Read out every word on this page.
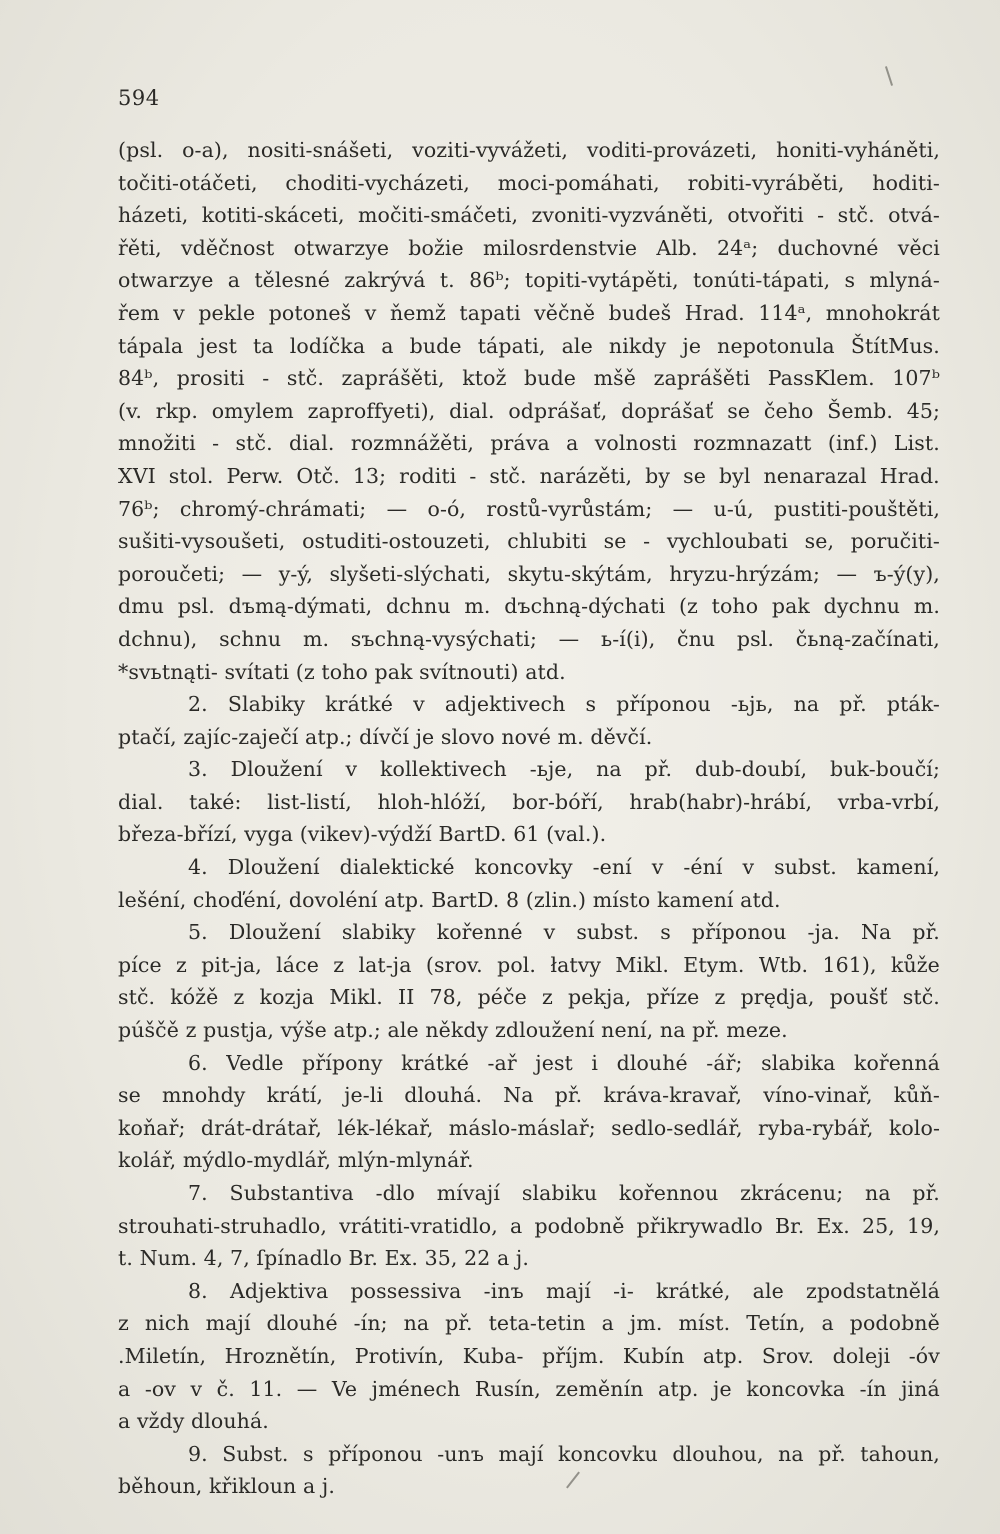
594
(psl. o-a), nositi-snášeti, voziti-vyvážeti, voditi-provázeti, honiti-vyháněti,
točiti-otáčeti, choditi-vycházeti, moci-pomáhati, robiti-vyráběti, hoditi-
házeti, kotiti-skáceti, močiti-smáčeti, zvoniti-vyzváněti, otvořiti - stč. otvá-
řěti, vděčnost otwarzye božie milosrdenstvie Alb. 24ᵃ; duchovné věci
otwarzye a tělesné zakrývá t. 86ᵇ; topiti-vytápěti, tonúti-tápati, s mlyná-
řem v pekle potoneš v ňemž tapati věčně budeš Hrad. 114ᵃ, mnohokrát
tápala jest ta lodíčka a bude tápati, ale nikdy je nepotonula ŠtítMus.
84ᵇ, prositi - stč. zaprášěti, ktož bude mšě zaprášěti PassKlem. 107ᵇ
(v. rkp. omylem zaproffyeti), dial. odprášať, doprášať se čeho Šemb. 45;
množiti - stč. dial. rozmnážěti, práva a volnosti rozmnazatt (inf.) List.
XVI stol. Perw. Otč. 13; roditi - stč. narázěti, by se byl nenarazal Hrad.
76ᵇ; chromý-chrámati; — o-ó, rostů-vyrůstám; — u-ú, pustiti-pouštěti,
sušiti-vysoušeti, ostuditi-ostouzeti, chlubiti se - vychloubati se, poručiti-
poroučeti; — y-ý, slyšeti-slýchati, skytu-skýtám, hryzu-hrýzám; — ъ-ý(y),
dmu psl. dъmą-dýmati, dchnu m. dъchną-dýchati (z toho pak dychnu m.
dchnu), schnu m. sъchną-vysýchati; — ь-í(i), čnu psl. čьną-začínati,
*svьtnąti- svítati (z toho pak svítnouti) atd.
2. Slabiky krátké v adjektivech s příponou -ьjь, na př. pták-
ptačí, zajíc-zaječí atp.; dívčí je slovo nové m. děvčí.
3. Dloužení v kollektivech -ьje, na př. dub-doubí, buk-boučí;
dial. také: list-listí, hloh-hlóží, bor-bóří, hrab(habr)-hrábí, vrba-vrbí,
březa-břízí, vyga (vikev)-výdží BartD. 61 (val.).
4. Dloužení dialektické koncovky -ení v -éní v subst. kamení,
lešéní, choďéní, dovoléní atp. BartD. 8 (zlin.) místo kamení atd.
5. Dloužení slabiky kořenné v subst. s příponou -ja. Na př.
píce z pit-ja, láce z lat-ja (srov. pol. łatvy Mikl. Etym. Wtb. 161), kůže
stč. kóžě z kozja Mikl. II 78, péče z pekja, příze z prędja, poušť stč.
púščě z pustja, výše atp.; ale někdy zdloužení není, na př. meze.
6. Vedle přípony krátké -ař jest i dlouhé -ář; slabika kořenná
se mnohdy krátí, je-li dlouhá. Na př. kráva-kravař, víno-vinař, kůň-
koňař; drát-drátař, lék-lékař, máslo-máslař; sedlo-sedlář, ryba-rybář, kolo-
kolář, mýdlo-mydlář, mlýn-mlynář.
7. Substantiva -dlo mívají slabiku kořennou zkrácenu; na př.
strouhati-struhadlo, vrátiti-vratidlo, a podobně přikrywadlo Br. Ex. 25, 19,
t. Num. 4, 7, ſpínadlo Br. Ex. 35, 22 a j.
8. Adjektiva possessiva -inъ mají -i- krátké, ale zpodstatnělá
z nich mají dlouhé -ín; na př. teta-tetin a jm. míst. Tetín, a podobně
.Miletín, Hroznětín, Protivín, Kuba- příjm. Kubín atp. Srov. doleji -óv
a -ov v č. 11. — Ve jménech Rusín, zeměnín atp. je koncovka -ín jiná
a vždy dlouhá.
9. Subst. s příponou -unъ mají koncovku dlouhou, na př. tahoun,
běhoun, křikloun a j.
